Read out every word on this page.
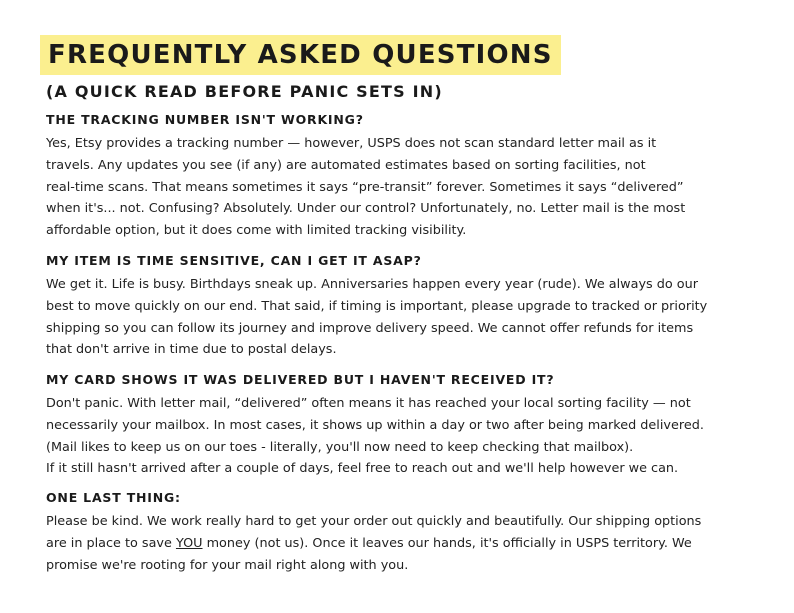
FREQUENTLY ASKED QUESTIONS
(A QUICK READ BEFORE PANIC SETS IN)
THE TRACKING NUMBER ISN'T WORKING?
Yes, Etsy provides a tracking number — however, USPS does not scan standard letter mail as it
travels. Any updates you see (if any) are automated estimates based on sorting facilities, not
real-time scans. That means sometimes it says “pre-transit” forever. Sometimes it says “delivered”
when it's... not. Confusing? Absolutely. Under our control? Unfortunately, no. Letter mail is the most
affordable option, but it does come with limited tracking visibility.
MY ITEM IS TIME SENSITIVE, CAN I GET IT ASAP?
We get it. Life is busy. Birthdays sneak up. Anniversaries happen every year (rude). We always do our
best to move quickly on our end. That said, if timing is important, please upgrade to tracked or priority
shipping so you can follow its journey and improve delivery speed. We cannot offer refunds for items
that don't arrive in time due to postal delays.
MY CARD SHOWS IT WAS DELIVERED BUT I HAVEN'T RECEIVED IT?
Don't panic. With letter mail, “delivered” often means it has reached your local sorting facility — not
necessarily your mailbox. In most cases, it shows up within a day or two after being marked delivered.
(Mail likes to keep us on our toes - literally, you'll now need to keep checking that mailbox).
If it still hasn't arrived after a couple of days, feel free to reach out and we'll help however we can.
ONE LAST THING:
Please be kind. We work really hard to get your order out quickly and beautifully. Our shipping options
are in place to save YOU money (not us). Once it leaves our hands, it's officially in USPS territory. We
promise we're rooting for your mail right along with you.
